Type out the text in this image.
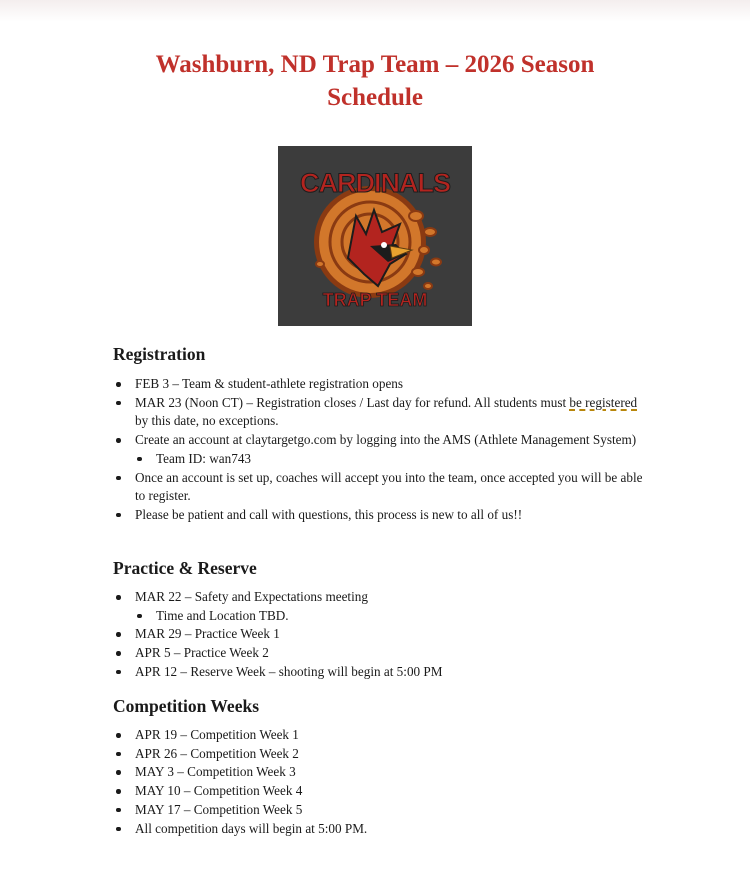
Washburn, ND Trap Team – 2026 Season
Schedule
CARDINALS
TRAP TEAM
Registration
FEB 3 – Team & student-athlete registration opens
MAR 23 (Noon CT) – Registration closes / Last day for refund. All students must be registered by this date, no exceptions.
Create an account at claytargetgo.com by logging into the AMS (Athlete Management System)
Team ID: wan743
Once an account is set up, coaches will accept you into the team, once accepted you will be able to register.
Please be patient and call with questions, this process is new to all of us!!
Practice & Reserve
MAR 22 – Safety and Expectations meeting
Time and Location TBD.
MAR 29 – Practice Week 1
APR 5 – Practice Week 2
APR 12 – Reserve Week – shooting will begin at 5:00 PM
Competition Weeks
APR 19 – Competition Week 1
APR 26 – Competition Week 2
MAY 3 – Competition Week 3
MAY 10 – Competition Week 4
MAY 17 – Competition Week 5
All competition days will begin at 5:00 PM.
